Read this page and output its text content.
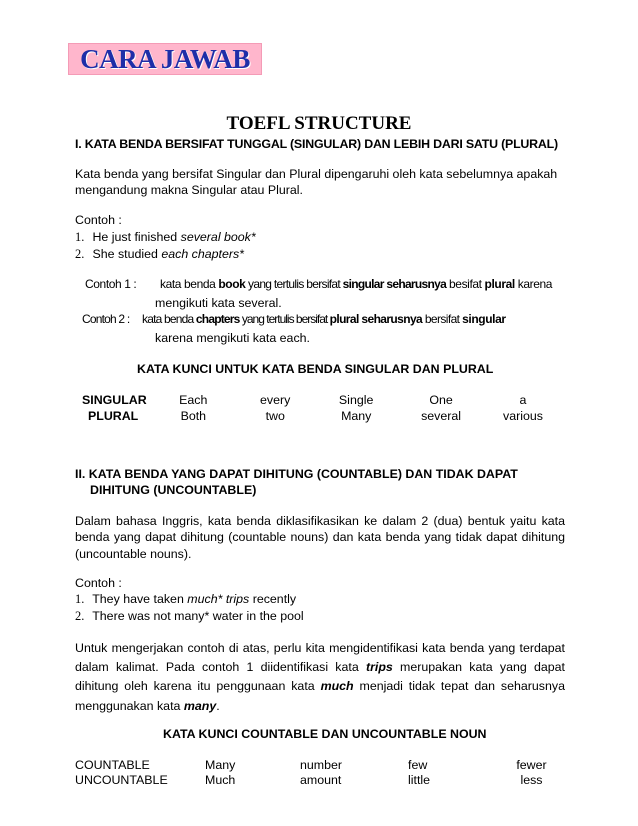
CARA JAWAB
TOEFL STRUCTURE
I. KATA BENDA BERSIFAT TUNGGAL (SINGULAR) DAN LEBIH DARI SATU (PLURAL)
Kata benda yang bersifat Singular dan Plural dipengaruhi oleh kata sebelumnya apakah mengandung makna Singular atau Plural.
Contoh :
1. He just finished several book*
2. She studied each chapters*
Contoh 1 : kata benda book yang tertulis bersifat singular seharusnya besifat plural karena
mengikuti kata several.
Contoh 2 : kata benda chapters yang tertulis bersifat plural seharusnya bersifat singular
karena mengikuti kata each.
KATA KUNCI UNTUK KATA BENDA SINGULAR DAN PLURAL
SINGULAR	Each	every	Single	One	a
PLURAL	Both	two	Many	several	various
II. KATA BENDA YANG DAPAT DIHITUNG (COUNTABLE) DAN TIDAK DAPAT
DIHITUNG (UNCOUNTABLE)
Dalam bahasa Inggris, kata benda diklasifikasikan ke dalam 2 (dua) bentuk yaitu kata benda yang dapat dihitung (countable nouns) dan kata benda yang tidak dapat dihitung (uncountable nouns).
Contoh :
1. They have taken much* trips recently
2. There was not many* water in the pool
Untuk mengerjakan contoh di atas, perlu kita mengidentifikasi kata benda yang terdapat dalam kalimat. Pada contoh 1 diidentifikasi kata trips merupakan kata yang dapat dihitung oleh karena itu penggunaan kata much menjadi tidak tepat dan seharusnya menggunakan kata many.
KATA KUNCI COUNTABLE DAN UNCOUNTABLE NOUN
COUNTABLE	Many	number	few	fewer
UNCOUNTABLE	Much	amount	little	less
